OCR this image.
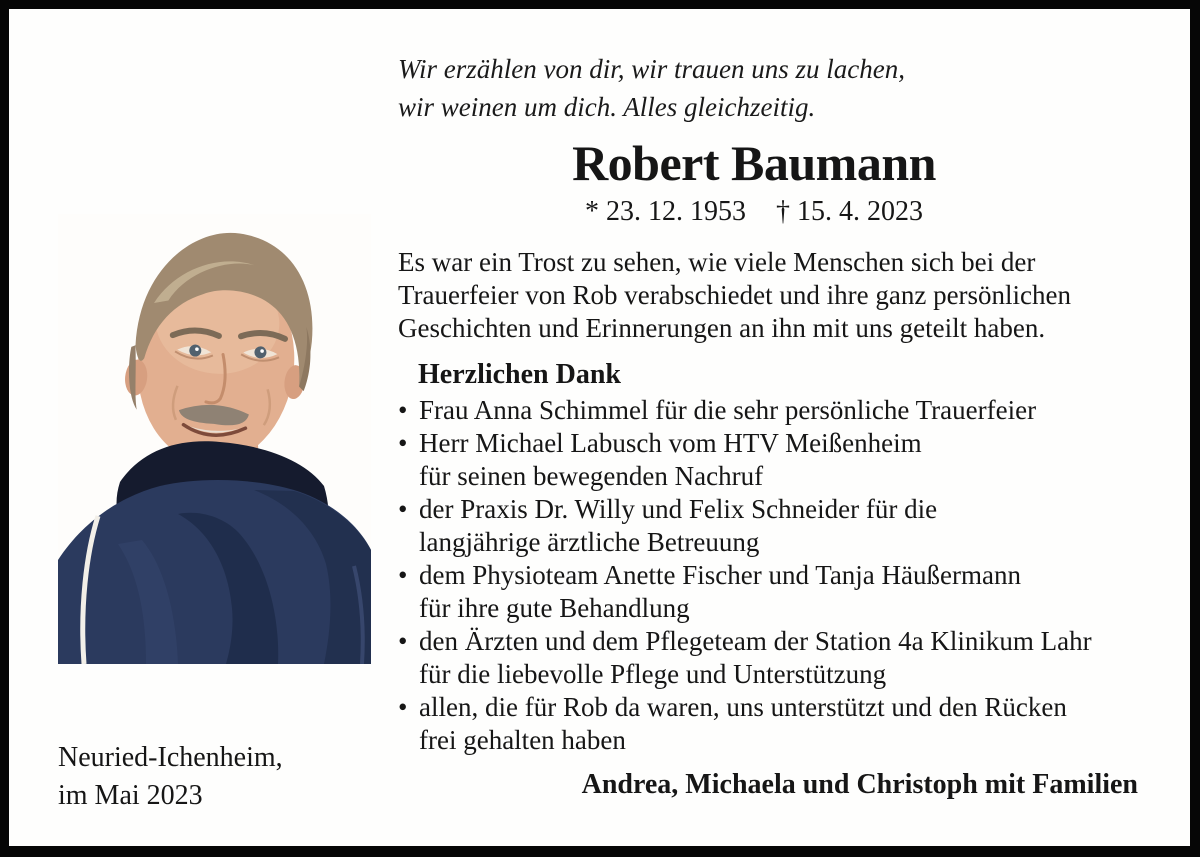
Wir erzählen von dir, wir trauen uns zu lachen,
wir weinen um dich. Alles gleichzeitig.
Robert Baumann
* 23. 12. 1953 † 15. 4. 2023
Es war ein Trost zu sehen, wie viele Menschen sich bei der
Trauerfeier von Rob verabschiedet und ihre ganz persönlichen
Geschichten und Erinnerungen an ihn mit uns geteilt haben.
Herzlichen Dank
• Frau Anna Schimmel für die sehr persönliche Trauerfeier
• Herr Michael Labusch vom HTV Meißenheim
für seinen bewegenden Nachruf
• der Praxis Dr. Willy und Felix Schneider für die
langjährige ärztliche Betreuung
• dem Physioteam Anette Fischer und Tanja Häußermann
für ihre gute Behandlung
• den Ärzten und dem Pflegeteam der Station 4a Klinikum Lahr
für die liebevolle Pflege und Unterstützung
• allen, die für Rob da waren, uns unterstützt und den Rücken
frei gehalten haben
Neuried-Ichenheim,
im Mai 2023	Andrea, Michaela und Christoph mit Familien
